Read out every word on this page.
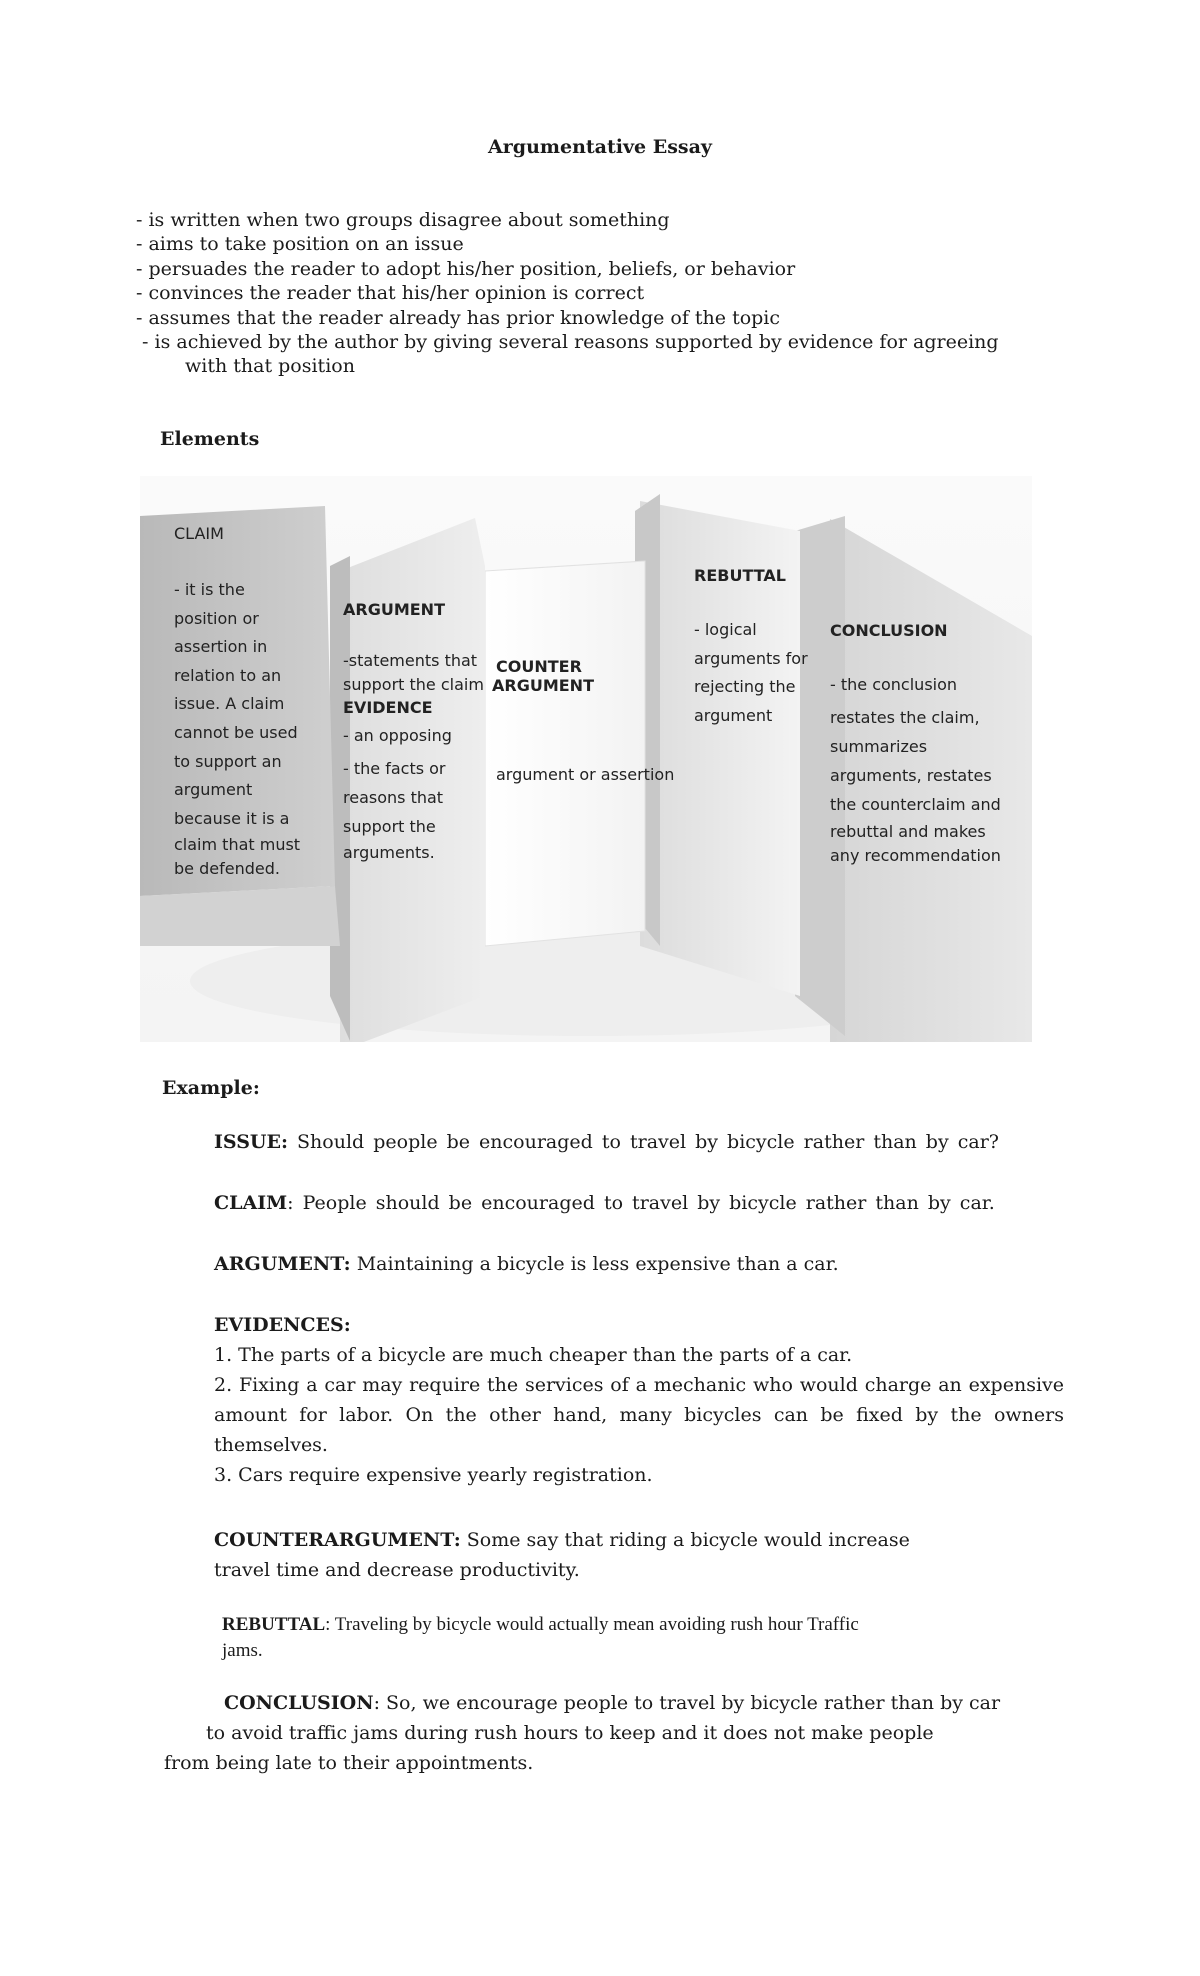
Argumentative Essay
- is written when two groups disagree about something
- aims to take position on an issue
- persuades the reader to adopt his/her position, beliefs, or behavior
- convinces the reader that his/her opinion is correct
- assumes that the reader already has prior knowledge of the topic
- is achieved by the author by giving several reasons supported by evidence for agreeing
with that position
Elements
CLAIM
- it is the
position or
assertion in
relation to an
issue. A claim
cannot be used
to support an
argument
because it is a
claim that must
be defended.
ARGUMENT
-statements that
support the claim
EVIDENCE
- an opposing
- the facts or
reasons that
support the
arguments.
COUNTER
ARGUMENT
argument or assertion
REBUTTAL
- logical
arguments for
rejecting the
argument
CONCLUSION
- the conclusion
restates the claim,
summarizes
arguments, restates
the counterclaim and
rebuttal and makes
any recommendation
Example:
ISSUE: Should people be encouraged to travel by bicycle rather than by car?
CLAIM: People should be encouraged to travel by bicycle rather than by car.
ARGUMENT: Maintaining a bicycle is less expensive than a car.
EVIDENCES:
1. The parts of a bicycle are much cheaper than the parts of a car.
2. Fixing a car may require the services of a mechanic who would charge an expensive amount for labor. On the other hand, many bicycles can be fixed by the owners themselves.
3. Cars require expensive yearly registration.
COUNTERARGUMENT: Some say that riding a bicycle would increase
travel time and decrease productivity.
REBUTTAL: Traveling by bicycle would actually mean avoiding rush hour Traffic
jams.
CONCLUSION: So, we encourage people to travel by bicycle rather than by car
to avoid traffic jams during rush hours to keep and it does not make people
from being late to their appointments.
